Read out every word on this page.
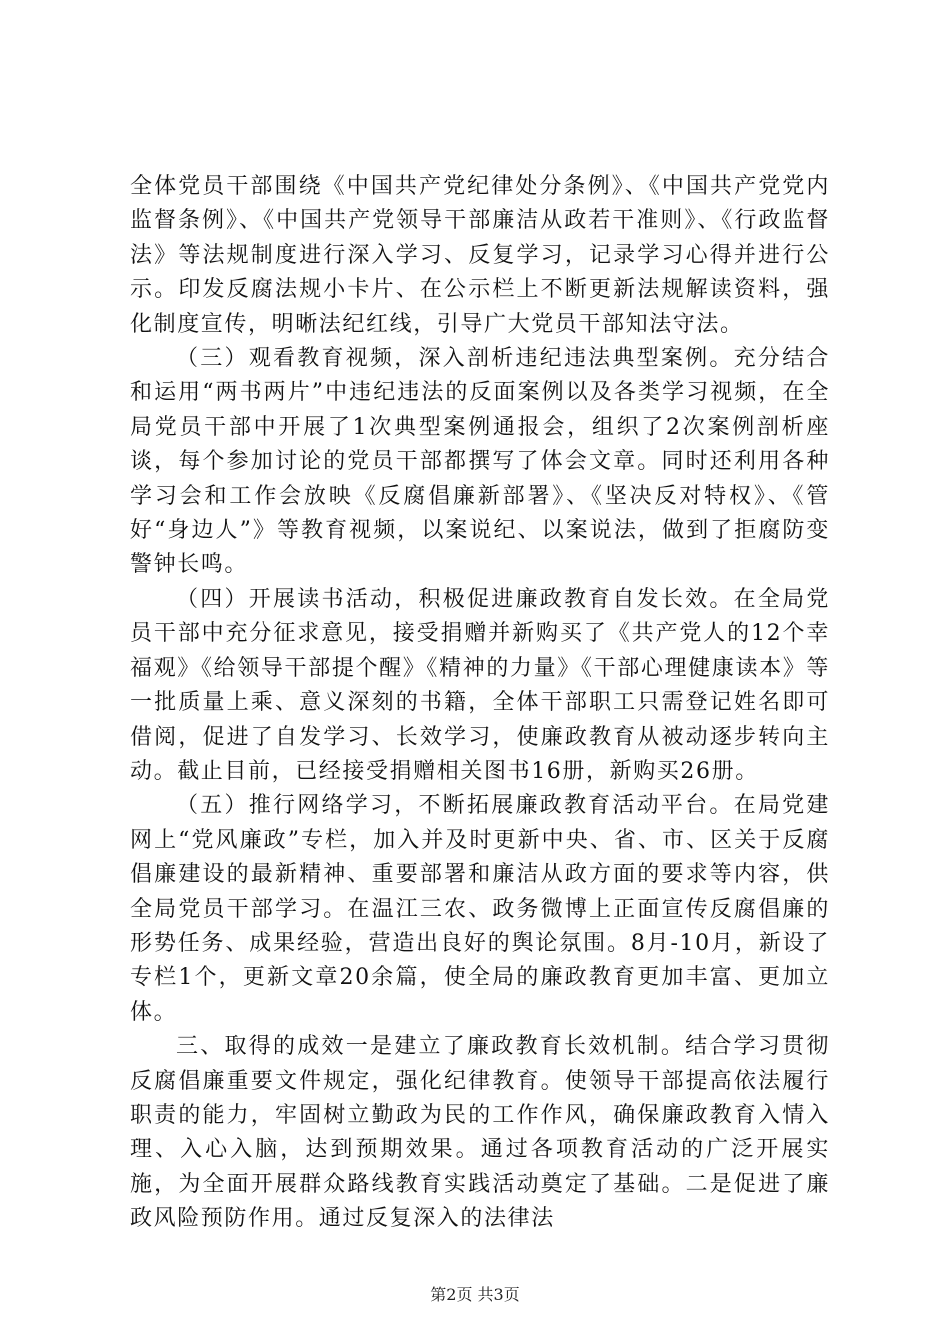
全体党员干部围绕《中国共产党纪律处分条例》、《中国共产党党内监督条例》、《中国共产党领导干部廉洁从政若干准则》、《行政监督法》等法规制度进行深入学习、反复学习，记录学习心得并进行公示。印发反腐法规小卡片、在公示栏上不断更新法规解读资料，强化制度宣传，明晰法纪红线，引导广大党员干部知法守法。

（三）观看教育视频，深入剖析违纪违法典型案例。充分结合和运用“两书两片”中违纪违法的反面案例以及各类学习视频，在全局党员干部中开展了1次典型案例通报会，组织了2次案例剖析座谈，每个参加讨论的党员干部都撰写了体会文章。同时还利用各种学习会和工作会放映《反腐倡廉新部署》、《坚决反对特权》、《管好“身边人”》等教育视频，以案说纪、以案说法，做到了拒腐防变警钟长鸣。

（四）开展读书活动，积极促进廉政教育自发长效。在全局党员干部中充分征求意见，接受捐赠并新购买了《共产党人的12个幸福观》《给领导干部提个醒》《精神的力量》《干部心理健康读本》等一批质量上乘、意义深刻的书籍，全体干部职工只需登记姓名即可借阅，促进了自发学习、长效学习，使廉政教育从被动逐步转向主动。截止目前，已经接受捐赠相关图书16册，新购买26册。

（五）推行网络学习，不断拓展廉政教育活动平台。在局党建网上“党风廉政”专栏，加入并及时更新中央、省、市、区关于反腐倡廉建设的最新精神、重要部署和廉洁从政方面的要求等内容，供全局党员干部学习。在温江三农、政务微博上正面宣传反腐倡廉的形势任务、成果经验，营造出良好的舆论氛围。8月-10月，新设了专栏1个，更新文章20余篇，使全局的廉政教育更加丰富、更加立体。

三、取得的成效一是建立了廉政教育长效机制。结合学习贯彻反腐倡廉重要文件规定，强化纪律教育。使领导干部提高依法履行职责的能力，牢固树立勤政为民的工作作风，确保廉政教育入情入理、入心入脑，达到预期效果。通过各项教育活动的广泛开展实施，为全面开展群众路线教育实践活动奠定了基础。二是促进了廉政风险预防作用。通过反复深入的法律法

第2页 共3页
